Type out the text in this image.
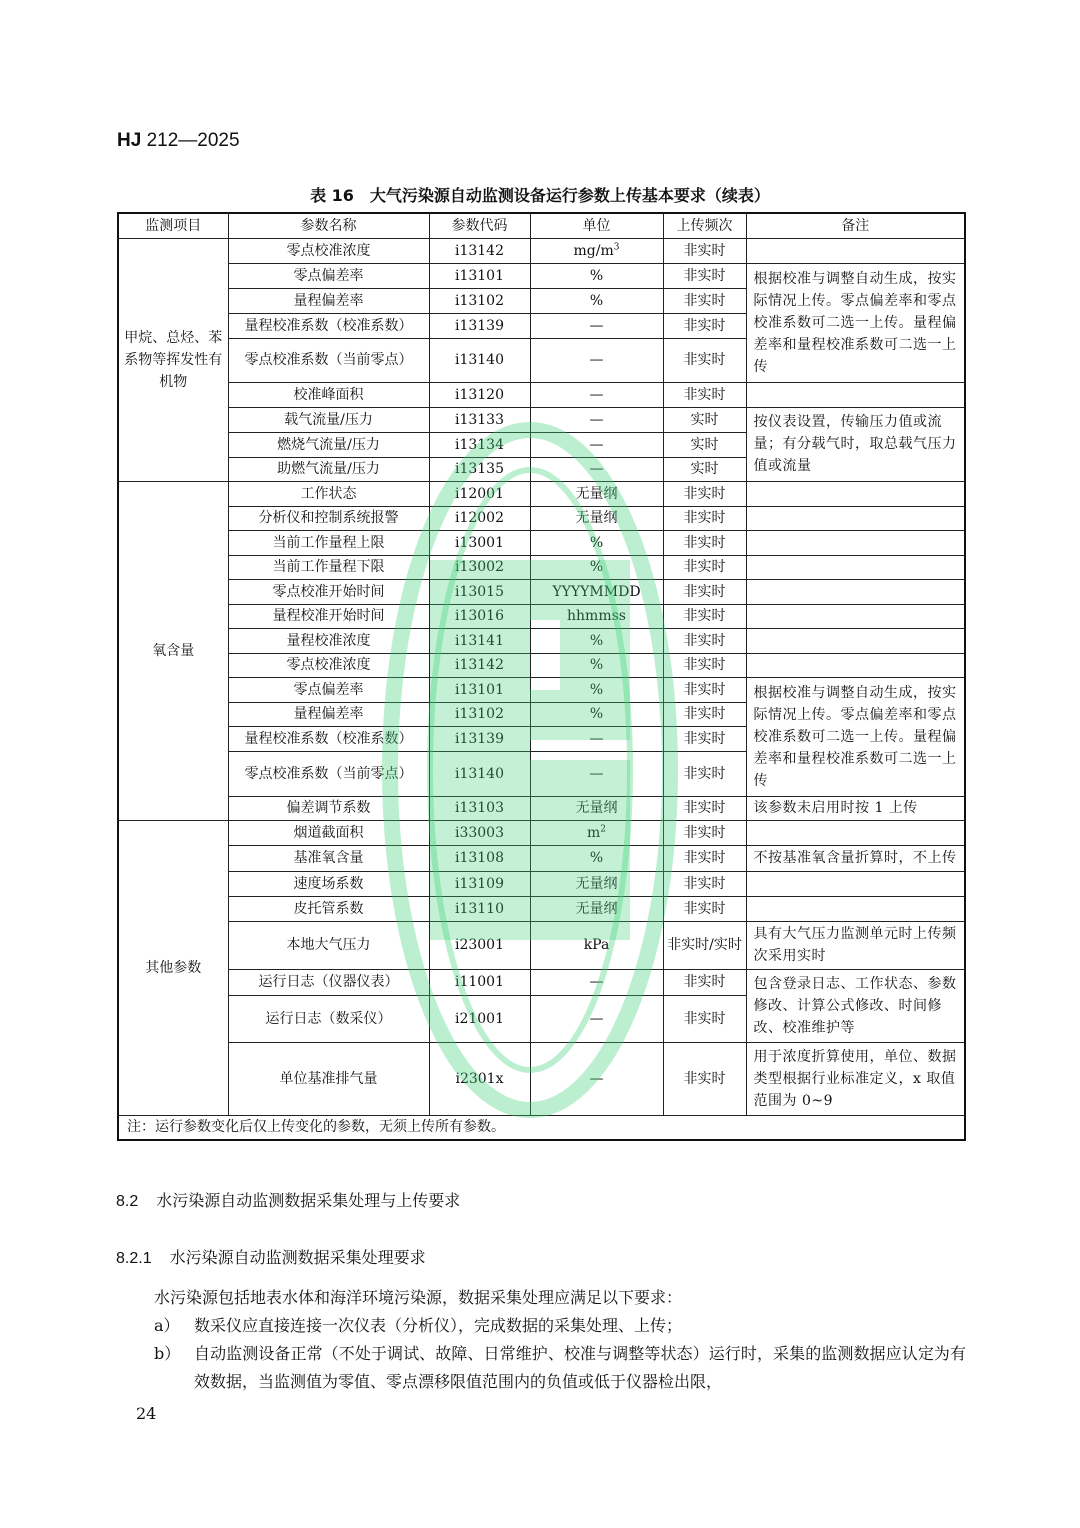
HJ 212—2025
表 16　大气污染源自动监测设备运行参数上传基本要求（续表）
监测项目	参数名称	参数代码	单位	上传频次	备注
甲烷、总烃、苯系物等挥发性有机物	零点校准浓度	i13142	$mg/m^3$	非实时	
	零点偏差率	i13101	%	非实时	根据校准与调整自动生成，按实际情况上传。零点偏差率和零点校准系数可二选一上传。量程偏差率和量程校准系数可二选一上传
	量程偏差率	i13102	%	非实时	
	量程校准系数（校准系数）	i13139	—	非实时	
	零点校准系数（当前零点）	i13140	—	非实时	
	校准峰面积	i13120	—	非实时	
	载气流量/压力	i13133	—	实时	按仪表设置，传输压力值或流量；有分载气时，取总载气压力值或流量
	燃烧气流量/压力	i13134	—	实时	
	助燃气流量/压力	i13135	—	实时	
氧含量	工作状态	i12001	无量纲	非实时	
	分析仪和控制系统报警	i12002	无量纲	非实时	
	当前工作量程上限	i13001	%	非实时	
	当前工作量程下限	i13002	%	非实时	
	零点校准开始时间	i13015	YYYYMMDD	非实时	
	量程校准开始时间	i13016	hhmmss	非实时	
	量程校准浓度	i13141	%	非实时	
	零点校准浓度	i13142	%	非实时	
	零点偏差率	i13101	%	非实时	根据校准与调整自动生成，按实际情况上传。零点偏差率和零点校准系数可二选一上传。量程偏差率和量程校准系数可二选一上传
	量程偏差率	i13102	%	非实时	
	量程校准系数（校准系数）	i13139	—	非实时	
	零点校准系数（当前零点）	i13140	—	非实时	
	偏差调节系数	i13103	无量纲	非实时	该参数未启用时按 1 上传
其他参数	烟道截面积	i33003	$m^2$	非实时	
	基准氧含量	i13108	%	非实时	不按基准氧含量折算时，不上传
	速度场系数	i13109	无量纲	非实时	
	皮托管系数	i13110	无量纲	非实时	
	本地大气压力	i23001	kPa	非实时/实时	具有大气压力监测单元时上传频次采用实时
	运行日志（仪器仪表）	i11001	—	非实时	包含登录日志、工作状态、参数修改、计算公式修改、时间修改、校准维护等
	运行日志（数采仪）	i21001	—	非实时	
	单位基准排气量	i2301x	—	非实时	用于浓度折算使用，单位、数据类型根据行业标准定义，x 取值范围为 0~9
注：运行参数变化后仅上传变化的参数，无须上传所有参数。					
8.2 水污染源自动监测数据采集处理与上传要求
8.2.1 水污染源自动监测数据采集处理要求
水污染源包括地表水体和海洋环境污染源，数据采集处理应满足以下要求：
a） 数采仪应直接连接一次仪表（分析仪），完成数据的采集处理、上传；
b） 自动监测设备正常（不处于调试、故障、日常维护、校准与调整等状态）运行时，采集的监测数据应认定为有效数据，当监测值为零值、零点漂移限值范围内的负值或低于仪器检出限，
24
